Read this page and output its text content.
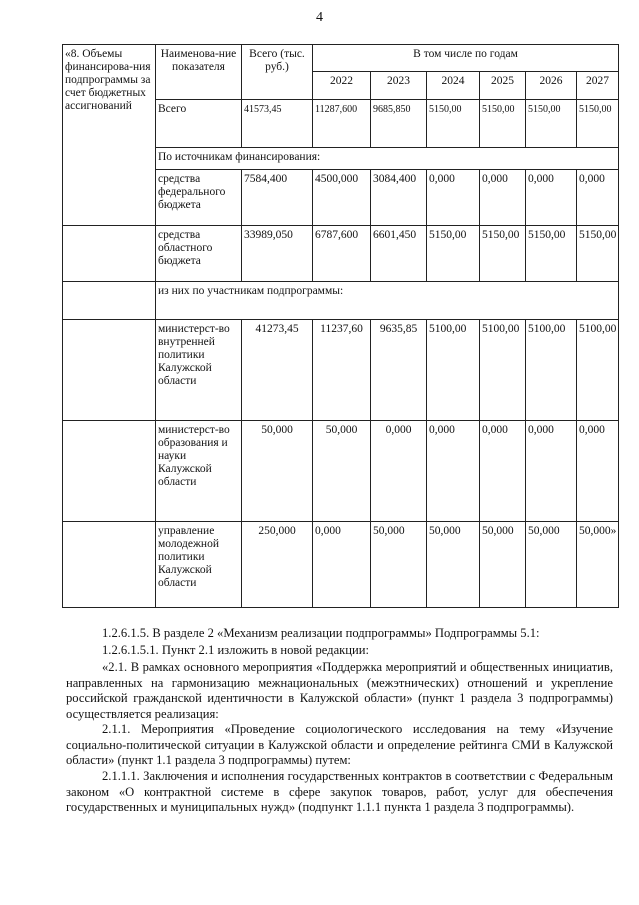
4
«8. Объемы финансирова-ния подпрограммы за счет бюджетных ассигнований	Наименова-ние показателя	Всего (тыс. руб.)	В том числе по годам					
			2022	2023	2024	2025	2026	2027
	Всего	41573,45	11287,600	9685,850	5150,00	5150,00	5150,00	5150,00
	По источникам финансирования:							
	средства федерального бюджета	7584,400	4500,000	3084,400	0,000	0,000	0,000	0,000
	средства областного бюджета	33989,050	6787,600	6601,450	5150,00	5150,00	5150,00	5150,00
	из них по участникам подпрограммы:							
	министерст-во внутренней политики Калужской области	41273,45	11237,60	9635,85	5100,00	5100,00	5100,00	5100,00
	министерст-во образования и науки Калужской области	50,000	50,000	0,000	0,000	0,000	0,000	0,000
	управление молодежной политики Калужской области	250,000	0,000	50,000	50,000	50,000	50,000	50,000»
1.2.6.1.5. В разделе 2 «Механизм реализации подпрограммы» Подпрограммы 5.1:
1.2.6.1.5.1. Пункт 2.1 изложить в новой редакции:
«2.1. В рамках основного мероприятия «Поддержка мероприятий и общественных инициатив, направленных на гармонизацию межнациональных (межэтнических) отношений и укрепление российской гражданской идентичности в Калужской области» (пункт 1 раздела 3 подпрограммы) осуществляется реализация:
2.1.1. Мероприятия «Проведение социологического исследования на тему «Изучение социально-политической ситуации в Калужской области и определение рейтинга СМИ в Калужской области» (пункт 1.1 раздела 3 подпрограммы) путем:
2.1.1.1. Заключения и исполнения государственных контрактов в соответствии с Федеральным законом «О контрактной системе в сфере закупок товаров, работ, услуг для обеспечения государственных и муниципальных нужд» (подпункт 1.1.1 пункта 1 раздела 3 подпрограммы).
